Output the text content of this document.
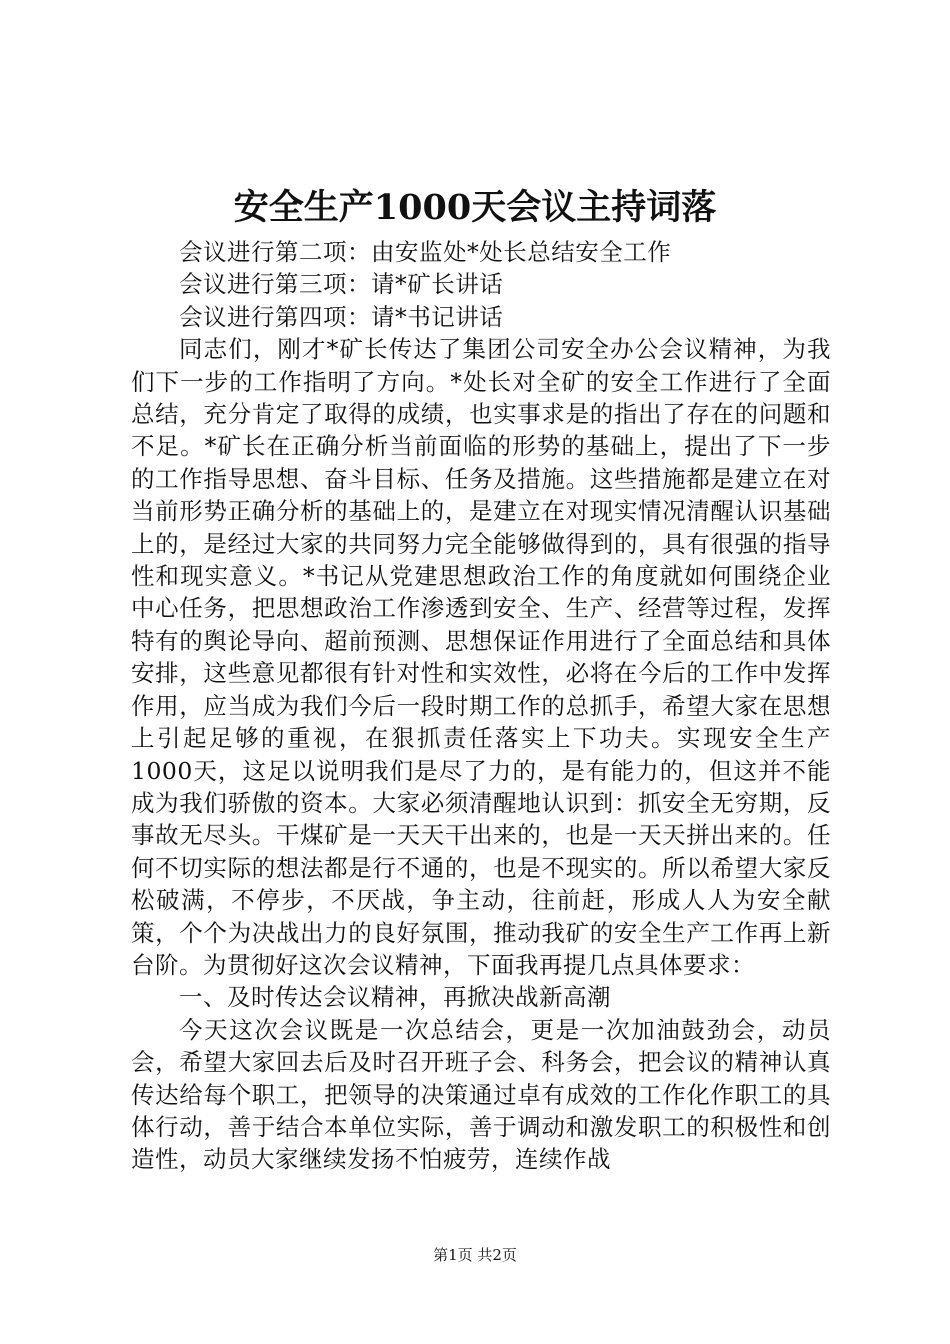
安全生产1000天会议主持词落

会议进行第二项：由安监处*处长总结安全工作

会议进行第三项：请*矿长讲话

会议进行第四项：请*书记讲话

同志们，刚才*矿长传达了集团公司安全办公会议精神，为我们下一步的工作指明了方向。*处长对全矿的安全工作进行了全面总结，充分肯定了取得的成绩，也实事求是的指出了存在的问题和不足。*矿长在正确分析当前面临的形势的基础上，提出了下一步的工作指导思想、奋斗目标、任务及措施。这些措施都是建立在对当前形势正确分析的基础上的，是建立在对现实情况清醒认识基础上的，是经过大家的共同努力完全能够做得到的，具有很强的指导性和现实意义。*书记从党建思想政治工作的角度就如何围绕企业中心任务，把思想政治工作渗透到安全、生产、经营等过程，发挥特有的舆论导向、超前预测、思想保证作用进行了全面总结和具体安排，这些意见都很有针对性和实效性，必将在今后的工作中发挥作用，应当成为我们今后一段时期工作的总抓手，希望大家在思想上引起足够的重视，在狠抓责任落实上下功夫。实现安全生产1000天，这足以说明我们是尽了力的，是有能力的，但这并不能成为我们骄傲的资本。大家必须清醒地认识到：抓安全无穷期，反事故无尽头。干煤矿是一天天干出来的，也是一天天拼出来的。任何不切实际的想法都是行不通的，也是不现实的。所以希望大家反松破满，不停步，不厌战，争主动，往前赶，形成人人为安全献策，个个为决战出力的良好氛围，推动我矿的安全生产工作再上新台阶。为贯彻好这次会议精神，下面我再提几点具体要求：

一、及时传达会议精神，再掀决战新高潮

今天这次会议既是一次总结会，更是一次加油鼓劲会，动员会，希望大家回去后及时召开班子会、科务会，把会议的精神认真传达给每个职工，把领导的决策通过卓有成效的工作化作职工的具体行动，善于结合本单位实际，善于调动和激发职工的积极性和创造性，动员大家继续发扬不怕疲劳，连续作战

第1页 共2页
